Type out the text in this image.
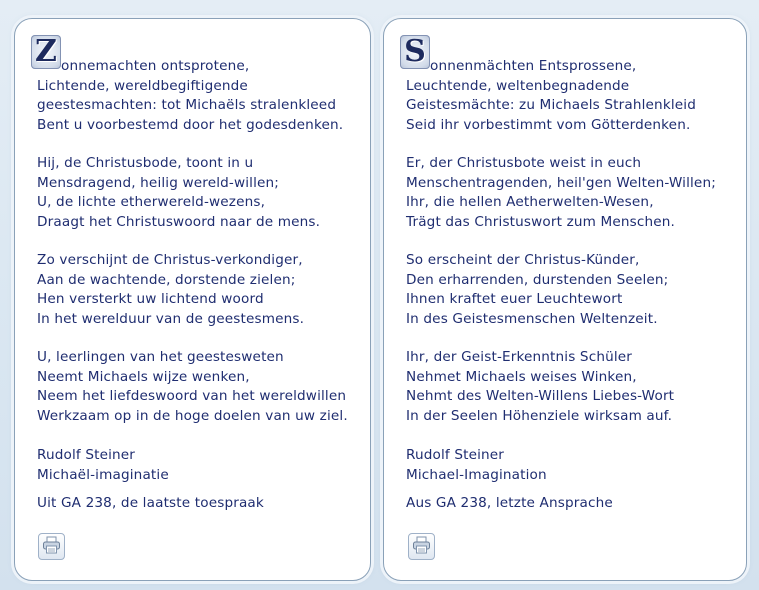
Z onnemachten ontsprotene,
Lichtende, wereldbegiftigende
geestesmachten: tot Michaëls stralenkleed
Bent u voorbestemd door het godesdenken.
Hij, de Christusbode, toont in u
Mensdragend, heilig wereld-willen;
U, de lichte etherwereld-wezens,
Draagt het Christuswoord naar de mens.
Zo verschijnt de Christus-verkondiger,
Aan de wachtende, dorstende zielen;
Hen versterkt uw lichtend woord
In het werelduur van de geestesmens.
U, leerlingen van het geestesweten
Neemt Michaels wijze wenken,
Neem het liefdeswoord van het wereldwillen
Werkzaam op in de hoge doelen van uw ziel.
Rudolf Steiner
Michaël-imaginatie
Uit GA 238, de laatste toespraak
S onnenmächten Entsprossene,
Leuchtende, weltenbegnadende
Geistesmächte: zu Michaels Strahlenkleid
Seid ihr vorbestimmt vom Götterdenken.
Er, der Christusbote weist in euch
Menschentragenden, heil'gen Welten-Willen;
Ihr, die hellen Aetherwelten-Wesen,
Trägt das Christuswort zum Menschen.
So erscheint der Christus-Künder,
Den erharrenden, durstenden Seelen;
Ihnen kraftet euer Leuchtewort
In des Geistesmenschen Weltenzeit.
Ihr, der Geist-Erkenntnis Schüler
Nehmet Michaels weises Winken,
Nehmt des Welten-Willens Liebes-Wort
In der Seelen Höhenziele wirksam auf.
Rudolf Steiner
Michael-Imagination
Aus GA 238, letzte Ansprache
